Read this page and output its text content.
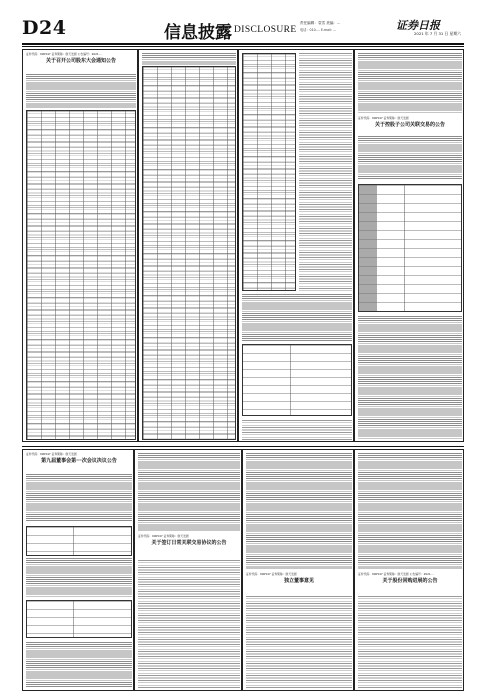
D24	信息披露 DISCLOSURE
责任编辑：袁雪 美编：...
电话：010-... E-mail: ...	证券日报
2021 年 7 月 31 日 星期六
证券代码：000547 证券简称：航天发展 公告编号：2021-···
关于召开公司股东大会通知公告
证券代码：000547 证券简称：航天发展
关于控股子公司关联交易的公告
证券代码：000547 证券简称：航天发展
第九届董事会第···次会议决议公告
证券代码：000547 证券简称：航天发展
关于签订日常关联交易协议的公告
证券代码：000547 证券简称：航天发展
独立董事意见
证券代码：000547 证券简称：航天发展 公告编号：2021-···
关于股份回购进展的公告
